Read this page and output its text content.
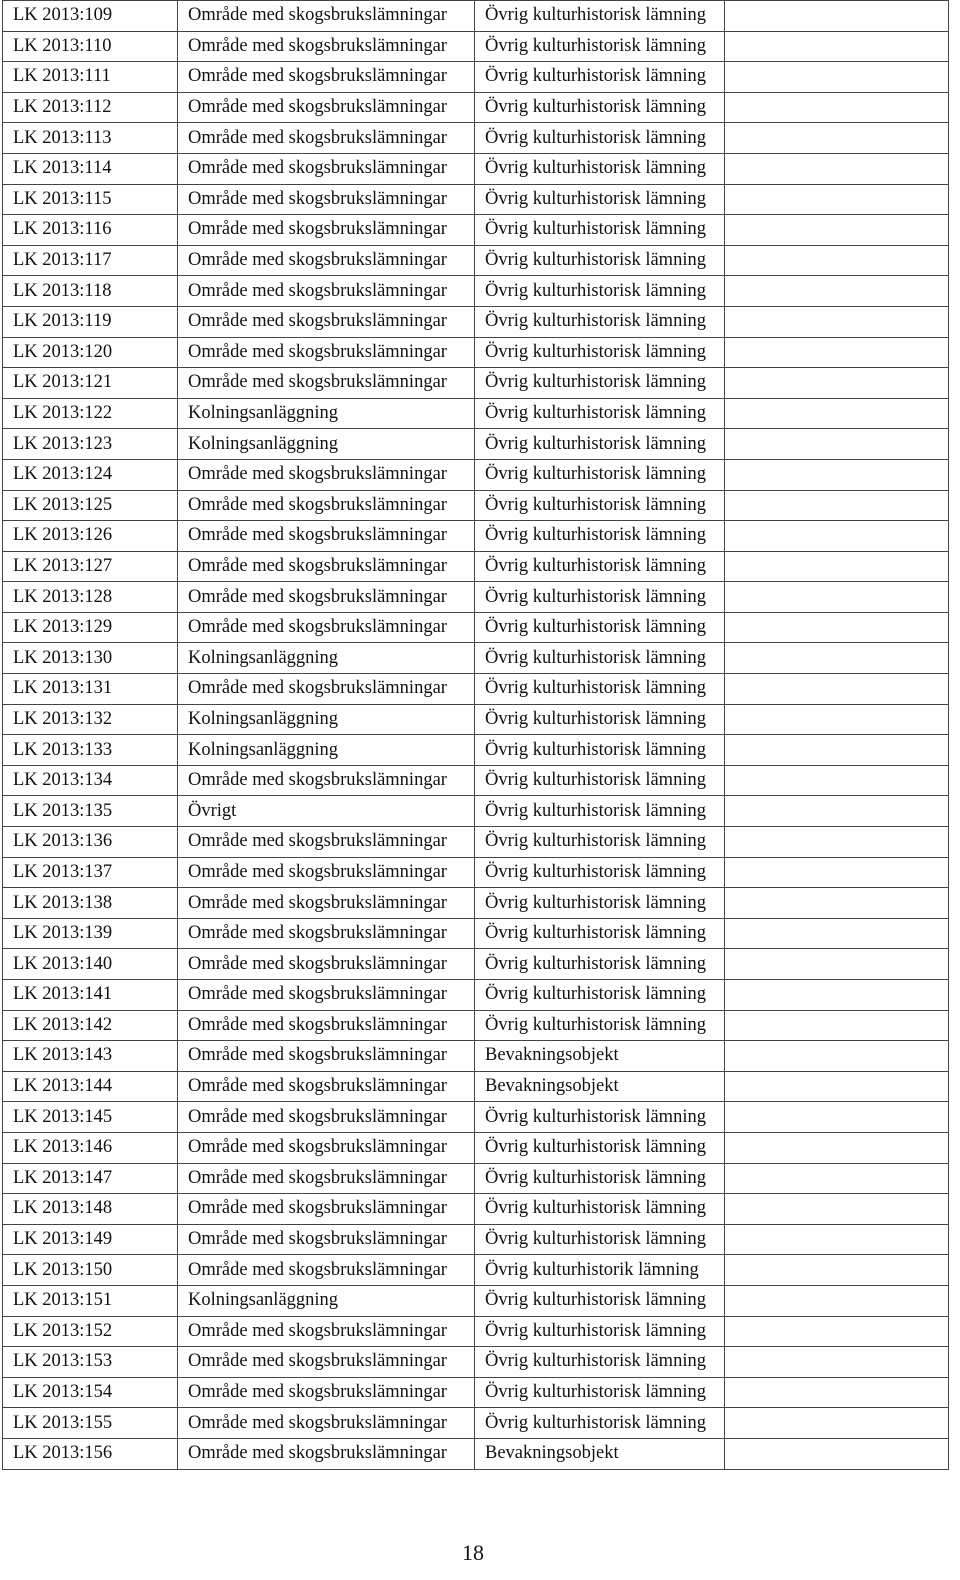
LK 2013:109	Område med skogsbrukslämningar	Övrig kulturhistorisk lämning	
LK 2013:110	Område med skogsbrukslämningar	Övrig kulturhistorisk lämning	
LK 2013:111	Område med skogsbrukslämningar	Övrig kulturhistorisk lämning	
LK 2013:112	Område med skogsbrukslämningar	Övrig kulturhistorisk lämning	
LK 2013:113	Område med skogsbrukslämningar	Övrig kulturhistorisk lämning	
LK 2013:114	Område med skogsbrukslämningar	Övrig kulturhistorisk lämning	
LK 2013:115	Område med skogsbrukslämningar	Övrig kulturhistorisk lämning	
LK 2013:116	Område med skogsbrukslämningar	Övrig kulturhistorisk lämning	
LK 2013:117	Område med skogsbrukslämningar	Övrig kulturhistorisk lämning	
LK 2013:118	Område med skogsbrukslämningar	Övrig kulturhistorisk lämning	
LK 2013:119	Område med skogsbrukslämningar	Övrig kulturhistorisk lämning	
LK 2013:120	Område med skogsbrukslämningar	Övrig kulturhistorisk lämning	
LK 2013:121	Område med skogsbrukslämningar	Övrig kulturhistorisk lämning	
LK 2013:122	Kolningsanläggning	Övrig kulturhistorisk lämning	
LK 2013:123	Kolningsanläggning	Övrig kulturhistorisk lämning	
LK 2013:124	Område med skogsbrukslämningar	Övrig kulturhistorisk lämning	
LK 2013:125	Område med skogsbrukslämningar	Övrig kulturhistorisk lämning	
LK 2013:126	Område med skogsbrukslämningar	Övrig kulturhistorisk lämning	
LK 2013:127	Område med skogsbrukslämningar	Övrig kulturhistorisk lämning	
LK 2013:128	Område med skogsbrukslämningar	Övrig kulturhistorisk lämning	
LK 2013:129	Område med skogsbrukslämningar	Övrig kulturhistorisk lämning	
LK 2013:130	Kolningsanläggning	Övrig kulturhistorisk lämning	
LK 2013:131	Område med skogsbrukslämningar	Övrig kulturhistorisk lämning	
LK 2013:132	Kolningsanläggning	Övrig kulturhistorisk lämning	
LK 2013:133	Kolningsanläggning	Övrig kulturhistorisk lämning	
LK 2013:134	Område med skogsbrukslämningar	Övrig kulturhistorisk lämning	
LK 2013:135	Övrigt	Övrig kulturhistorisk lämning	
LK 2013:136	Område med skogsbrukslämningar	Övrig kulturhistorisk lämning	
LK 2013:137	Område med skogsbrukslämningar	Övrig kulturhistorisk lämning	
LK 2013:138	Område med skogsbrukslämningar	Övrig kulturhistorisk lämning	
LK 2013:139	Område med skogsbrukslämningar	Övrig kulturhistorisk lämning	
LK 2013:140	Område med skogsbrukslämningar	Övrig kulturhistorisk lämning	
LK 2013:141	Område med skogsbrukslämningar	Övrig kulturhistorisk lämning	
LK 2013:142	Område med skogsbrukslämningar	Övrig kulturhistorisk lämning	
LK 2013:143	Område med skogsbrukslämningar	Bevakningsobjekt	
LK 2013:144	Område med skogsbrukslämningar	Bevakningsobjekt	
LK 2013:145	Område med skogsbrukslämningar	Övrig kulturhistorisk lämning	
LK 2013:146	Område med skogsbrukslämningar	Övrig kulturhistorisk lämning	
LK 2013:147	Område med skogsbrukslämningar	Övrig kulturhistorisk lämning	
LK 2013:148	Område med skogsbrukslämningar	Övrig kulturhistorisk lämning	
LK 2013:149	Område med skogsbrukslämningar	Övrig kulturhistorisk lämning	
LK 2013:150	Område med skogsbrukslämningar	Övrig kulturhistorik lämning	
LK 2013:151	Kolningsanläggning	Övrig kulturhistorisk lämning	
LK 2013:152	Område med skogsbrukslämningar	Övrig kulturhistorisk lämning	
LK 2013:153	Område med skogsbrukslämningar	Övrig kulturhistorisk lämning	
LK 2013:154	Område med skogsbrukslämningar	Övrig kulturhistorisk lämning	
LK 2013:155	Område med skogsbrukslämningar	Övrig kulturhistorisk lämning	
LK 2013:156	Område med skogsbrukslämningar	Bevakningsobjekt	
18
